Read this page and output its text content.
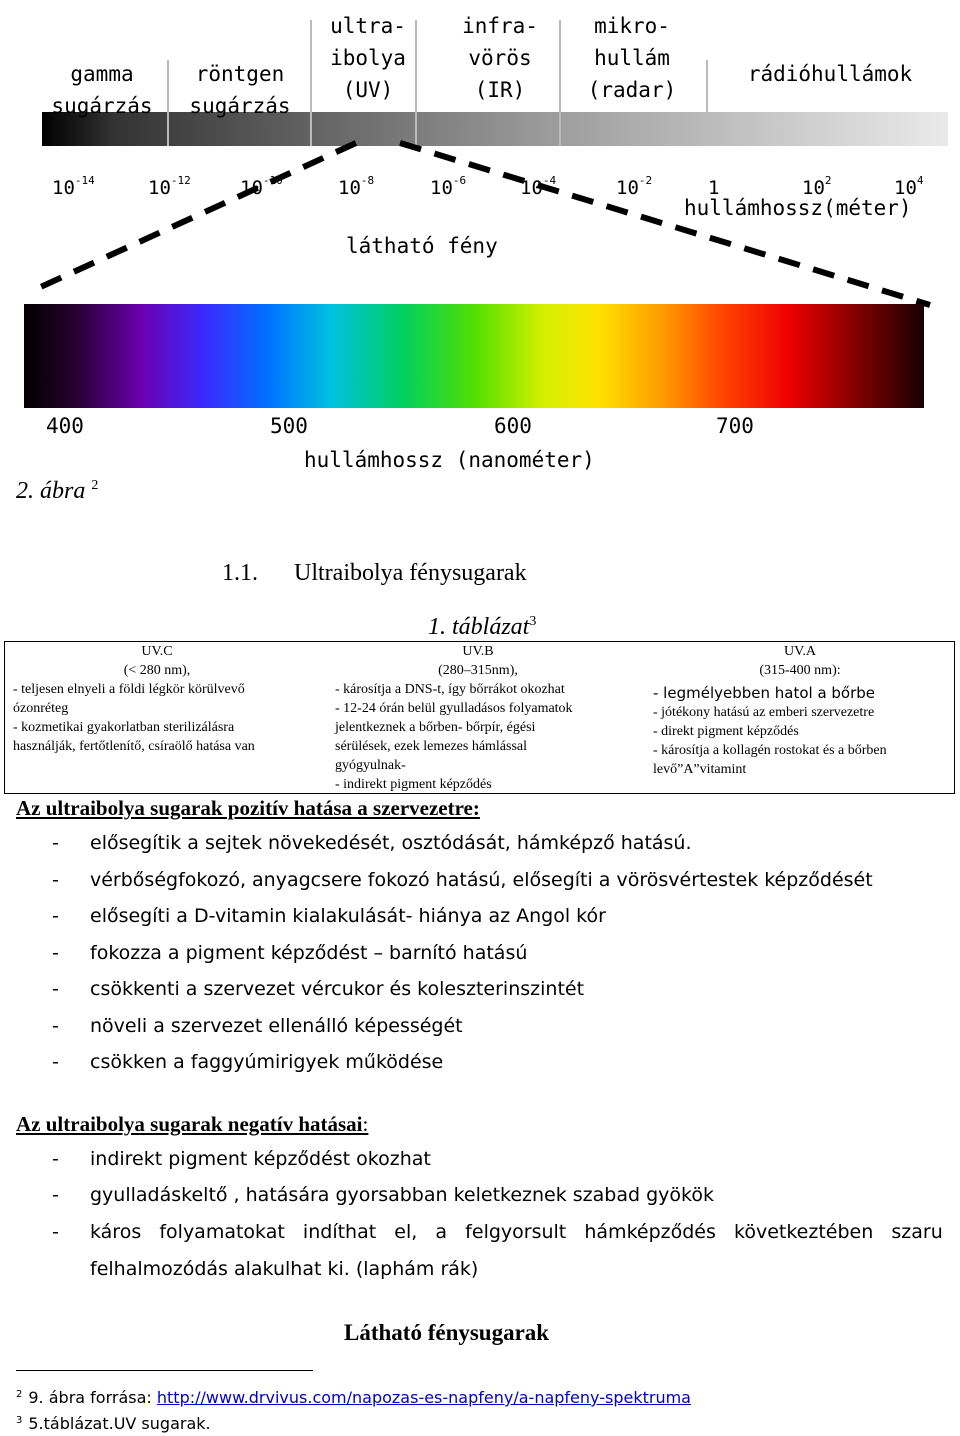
gamma
sugárzás
röntgen
sugárzás
ultra-
ibolya
(UV)
infra-
vörös
(IR)
mikro-
hullám
(radar)
rádióhullámok
$10^{-14}$	$10^{-12}$	$10^{-10}$	$10^{-8}$	$10^{-6}$	$10^{-4}$	$10^{-2}$	1	$10^2$	$10^4$
hullámhossz(méter)
látható fény
400	500	600	700
hullámhossz (nanométer)
2. ábra $^2$
1.1. Ultraibolya fénysugarak
1. táblázat$^3$
UV.C
(< 280 nm),
- teljesen elnyeli a földi légkör körülvevő
ózonréteg
- kozmetikai gyakorlatban sterilizálásra
használják, fertőtlenítő, csíraölő hatása van
UV.B
(280–315nm),
- károsítja a DNS-t, így bőrrákot okozhat
- 12-24 órán belül gyulladásos folyamatok
jelentkeznek a bőrben- bőrpír, égési
sérülések, ezek lemezes hámlással
gyógyulnak-
- indirekt pigment képződés
UV.A
(315-400 nm):
- legmélyebben hatol a bőrbe
- jótékony hatású az emberi szervezetre
- direkt pigment képződés
- károsítja a kollagén rostokat és a bőrben
levő”A”vitamint
Az ultraibolya sugarak pozitív hatása a szervezetre:
- elősegítik a sejtek növekedését, osztódását, hámképző hatású.
- vérbőségfokozó, anyagcsere fokozó hatású, elősegíti a vörösvértestek képződését
- elősegíti a D-vitamin kialakulását- hiánya az Angol kór
- fokozza a pigment képződést – barnító hatású
- csökkenti a szervezet vércukor és koleszterinszintét
- növeli a szervezet ellenálló képességét
- csökken a faggyúmirigyek működése
Az ultraibolya sugarak negatív hatásai:
- indirekt pigment képződést okozhat
- gyulladáskeltő , hatására gyorsabban keletkeznek szabad gyökök
- káros   folyamatokat   indíthat   el,   a   felgyorsult   hámképződés   következtében   szaru
felhalmozódás alakulhat ki. (laphám rák)
Látható fénysugarak
$^2$ 9. ábra forrása: http://www.drvivus.com/napozas-es-napfeny/a-napfeny-spektruma
$^3$ 5.táblázat.UV sugarak.
